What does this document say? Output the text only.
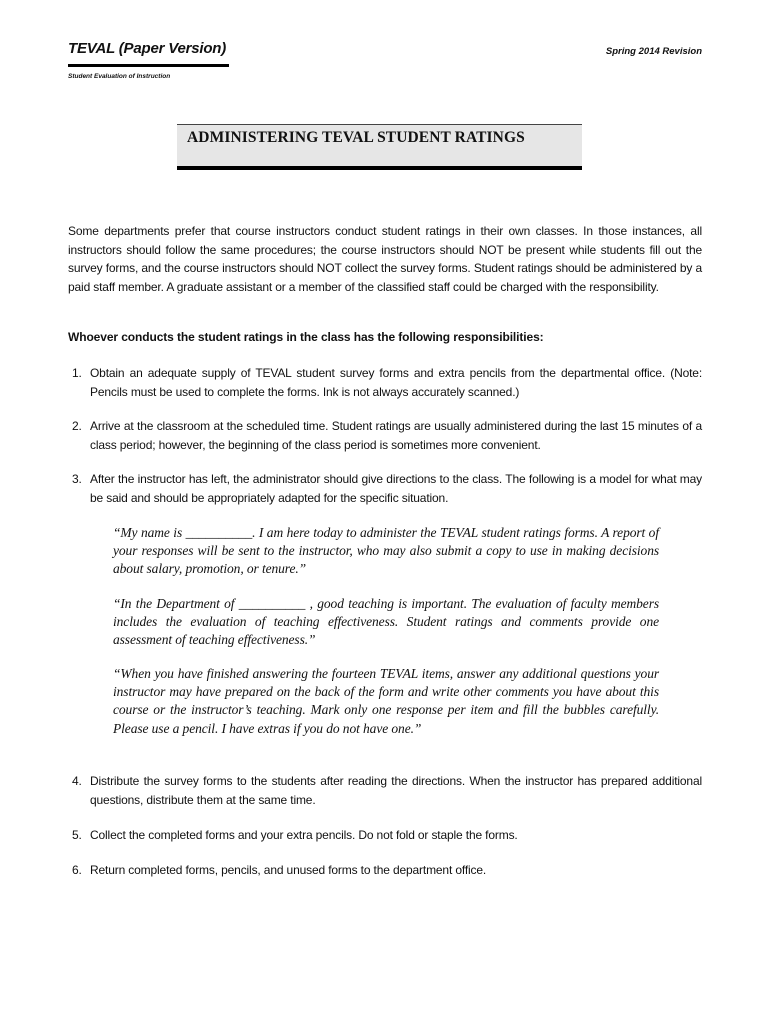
TEVAL (Paper Version)
Student Evaluation of Instruction
Spring 2014 Revision
ADMINISTERING TEVAL STUDENT RATINGS
Some departments prefer that course instructors conduct student ratings in their own classes. In those instances, all instructors should follow the same procedures; the course instructors should NOT be present while students fill out the survey forms, and the course instructors should NOT collect the survey forms. Student ratings should be administered by a paid staff member. A graduate assistant or a member of the classified staff could be charged with the responsibility.
Whoever conducts the student ratings in the class has the following responsibilities:
1. Obtain an adequate supply of TEVAL student survey forms and extra pencils from the departmental office. (Note: Pencils must be used to complete the forms. Ink is not always accurately scanned.)
2. Arrive at the classroom at the scheduled time. Student ratings are usually administered during the last 15 minutes of a class period; however, the beginning of the class period is sometimes more convenient.
3. After the instructor has left, the administrator should give directions to the class. The following is a model for what may be said and should be appropriately adapted for the specific situation.
“My name is __________. I am here today to administer the TEVAL student ratings forms. A report of your responses will be sent to the instructor, who may also submit a copy to use in making decisions about salary, promotion, or tenure.”
“In the Department of __________ , good teaching is important. The evaluation of faculty members includes the evaluation of teaching effectiveness. Student ratings and comments provide one assessment of teaching effectiveness.”
“When you have finished answering the fourteen TEVAL items, answer any additional questions your instructor may have prepared on the back of the form and write other comments you have about this course or the instructor’s teaching. Mark only one response per item and fill the bubbles carefully. Please use a pencil. I have extras if you do not have one.”
4. Distribute the survey forms to the students after reading the directions. When the instructor has prepared additional questions, distribute them at the same time.
5. Collect the completed forms and your extra pencils. Do not fold or staple the forms.
6. Return completed forms, pencils, and unused forms to the department office.
